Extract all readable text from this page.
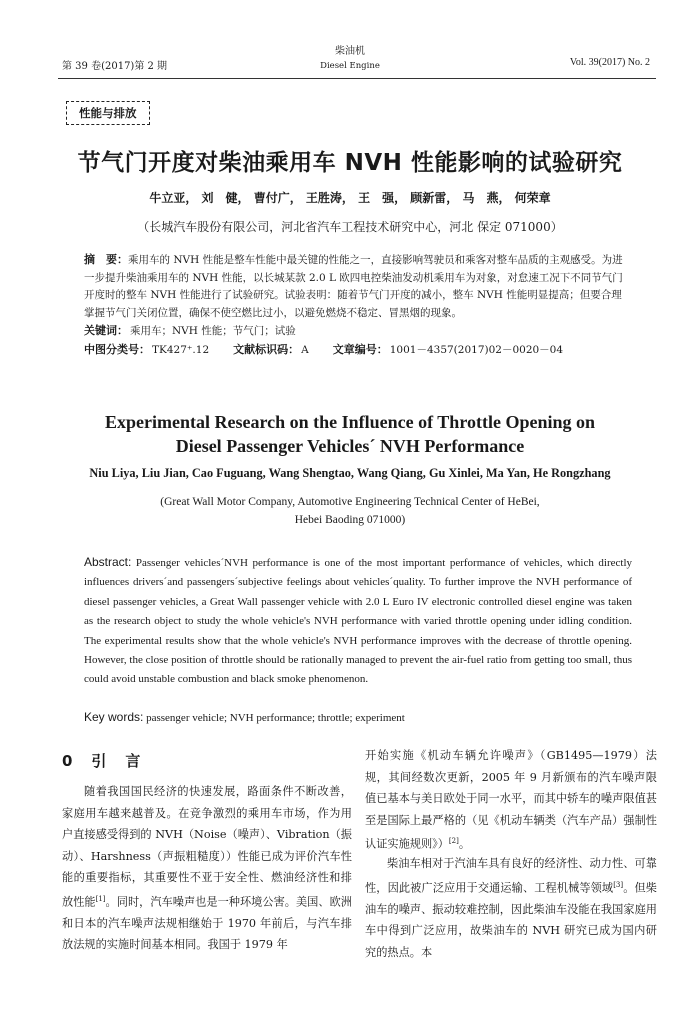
第 39 卷(2017)第 2 期
柴油机
Diesel Engine	Vol. 39(2017) No. 2
性能与排放
节气门开度对柴油乘用车 NVH 性能影响的试验研究
牛立亚， 刘　健， 曹付广， 王胜涛， 王　强， 顾新雷， 马　燕， 何荣章
（长城汽车股份有限公司，河北省汽车工程技术研究中心，河北 保定 071000）
摘　要：乘用车的 NVH 性能是整车性能中最关键的性能之一，直接影响驾驶员和乘客对整车品质的主观感受。为进一步提升柴油乘用车的 NVH 性能，以长城某款 2.0 L 欧四电控柴油发动机乘用车为对象，对怠速工况下不同节气门开度时的整车 NVH 性能进行了试验研究。试验表明：随着节气门开度的减小，整车 NVH 性能明显提高；但要合理掌握节气门关闭位置，确保不使空燃比过小，以避免燃烧不稳定、冒黑烟的现象。
关键词： 乘用车；NVH 性能；节气门；试验
中图分类号： TK427⁺.12 文献标识码： A 文章编号： 1001－4357(2017)02－0020－04
Experimental Research on the Influence of Throttle Opening on
Diesel Passenger Vehicles´ NVH Performance
Niu Liya, Liu Jian, Cao Fuguang, Wang Shengtao, Wang Qiang, Gu Xinlei, Ma Yan, He Rongzhang
(Great Wall Motor Company, Automotive Engineering Technical Center of HeBei,
Hebei Baoding 071000)
Abstract: Passenger vehicles´NVH performance is one of the most important performance of vehicles, which directly influences drivers´and passengers´subjective feelings about vehicles´quality. To further improve the NVH performance of diesel passenger vehicles, a Great Wall passenger vehicle with 2.0 L Euro IV electronic controlled diesel engine was taken as the research object to study the whole vehicle's NVH performance with varied throttle opening under idling condition. The experimental results show that the whole vehicle's NVH performance improves with the decrease of throttle opening. However, the close position of throttle should be rationally managed to prevent the air-fuel ratio from getting too small, thus could avoid unstable combustion and black smoke phenomenon.
Key words: passenger vehicle; NVH performance; throttle; experiment
0　引　言
随着我国国民经济的快速发展，路面条件不断改善，家庭用车越来越普及。在竞争激烈的乘用车市场，作为用户直接感受得到的 NVH（Noise（噪声）、Vibration（振动）、Harshness（声振粗糙度））性能已成为评价汽车性能的重要指标，其重要性不亚于安全性、燃油经济性和排放性能[1]。同时，汽车噪声也是一种环境公害。美国、欧洲和日本的汽车噪声法规相继始于 1970 年前后，与汽车排放法规的实施时间基本相同。我国于 1979 年
开始实施《机动车辆允许噪声》（GB1495—1979）法规，其间经数次更新，2005 年 9 月新颁布的汽车噪声限值已基本与美日欧处于同一水平，而其中轿车的噪声限值甚至是国际上最严格的（见《机动车辆类（汽车产品）强制性认证实施规则》）[2]。
柴油车相对于汽油车具有良好的经济性、动力性、可靠性，因此被广泛应用于交通运输、工程机械等领域[3]。但柴油车的噪声、振动较难控制，因此柴油车没能在我国家庭用车中得到广泛应用，故柴油车的 NVH 研究已成为国内研究的热点。本
